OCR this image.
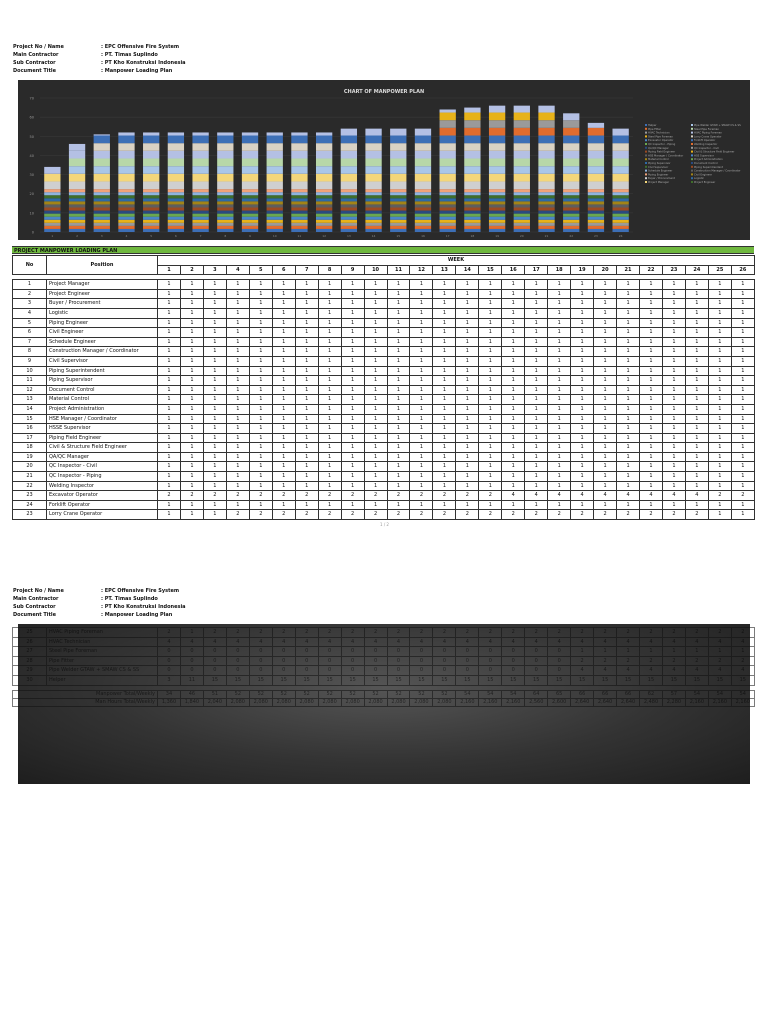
Project No / Name	: EPC Offensive Fire System
Main Contractor	: PT. Timas Suplindo
Sub Contractor	: PT Kho Konstruksi Indonesia
Document Title	: Manpower Loading Plan
CHART OF MANPOWER PLAN
0
10
20
30
40
50
60
70
1	2	3	4	5	6	7	8	9	10	11	12	13	14	15	16	17	18	19	20	21	22	23	24
Helper
Pipe Fitter
HVAC Technician
Steel Pipe Foreman
Excavator Operator
QC Inspector - Piping
QA/QC Manager
Piping Field Engineer
HSE Manager / Coordinator
Material Control
Piping Supervisor
Civil Supervisor
Schedule Engineer
Piping Engineer
Buyer / Procurement
Project Manager
Pipe Welder GTAW + SMAW CS & SS
Steel Pipe Foreman
HVAC Piping Foreman
Lorry Crane Operator
Forklift Operator
Welding Inspector
QC Inspector - Civil
Civil & Structure Field Engineer
HSE Supervisor
Project Administration
Document Control
Piping Superintendent
Construction Manager / Coordinator
Civil Engineer
Logistic
Project Engineer
PROJECT MANPOWER LOADING PLAN
No	Position	WEEK																									
		1	2	3	4	5	6	7	8	9	10	11	12	13	14	15	16	17	18	19	20	21	22	23	24	25	26

1	Project Manager	1	1	1	1	1	1	1	1	1	1	1	1	1	1	1	1	1	1	1	1	1	1	1	1	1	1
2	Project Engineer	1	1	1	1	1	1	1	1	1	1	1	1	1	1	1	1	1	1	1	1	1	1	1	1	1	1
3	Buyer / Procurement	1	1	1	1	1	1	1	1	1	1	1	1	1	1	1	1	1	1	1	1	1	1	1	1	1	1
4	Logistic	1	1	1	1	1	1	1	1	1	1	1	1	1	1	1	1	1	1	1	1	1	1	1	1	1	1
5	Piping Engineer	1	1	1	1	1	1	1	1	1	1	1	1	1	1	1	1	1	1	1	1	1	1	1	1	1	1
6	Civil Engineer	1	1	1	1	1	1	1	1	1	1	1	1	1	1	1	1	1	1	1	1	1	1	1	1	1	1
7	Schedule Engineer	1	1	1	1	1	1	1	1	1	1	1	1	1	1	1	1	1	1	1	1	1	1	1	1	1	1
8	Construction Manager / Coordinator	1	1	1	1	1	1	1	1	1	1	1	1	1	1	1	1	1	1	1	1	1	1	1	1	1	1
9	Civil Supervisor	1	1	1	1	1	1	1	1	1	1	1	1	1	1	1	1	1	1	1	1	1	1	1	1	1	1
10	Piping Superintendent	1	1	1	1	1	1	1	1	1	1	1	1	1	1	1	1	1	1	1	1	1	1	1	1	1	1
11	Piping Supervisor	1	1	1	1	1	1	1	1	1	1	1	1	1	1	1	1	1	1	1	1	1	1	1	1	1	1
12	Document Control	1	1	1	1	1	1	1	1	1	1	1	1	1	1	1	1	1	1	1	1	1	1	1	1	1	1
13	Material Control	1	1	1	1	1	1	1	1	1	1	1	1	1	1	1	1	1	1	1	1	1	1	1	1	1	1
14	Project Administration	1	1	1	1	1	1	1	1	1	1	1	1	1	1	1	1	1	1	1	1	1	1	1	1	1	1
15	HSE Manager / Coordinator	1	1	1	1	1	1	1	1	1	1	1	1	1	1	1	1	1	1	1	1	1	1	1	1	1	1
16	HSSE Supervisor	1	1	1	1	1	1	1	1	1	1	1	1	1	1	1	1	1	1	1	1	1	1	1	1	1	1
17	Piping Field Engineer	1	1	1	1	1	1	1	1	1	1	1	1	1	1	1	1	1	1	1	1	1	1	1	1	1	1
18	Civil & Structure Field Engineer	1	1	1	1	1	1	1	1	1	1	1	1	1	1	1	1	1	1	1	1	1	1	1	1	1	1
19	QA/QC Manager	1	1	1	1	1	1	1	1	1	1	1	1	1	1	1	1	1	1	1	1	1	1	1	1	1	1
20	QC Inspector - Civil	1	1	1	1	1	1	1	1	1	1	1	1	1	1	1	1	1	1	1	1	1	1	1	1	1	1
21	QC Inspector - Piping	1	1	1	1	1	1	1	1	1	1	1	1	1	1	1	1	1	1	1	1	1	1	1	1	1	1
22	Welding Inspector	1	1	1	1	1	1	1	1	1	1	1	1	1	1	1	1	1	1	1	1	1	1	1	1	1	1
23	Excavator Operator	2	2	2	2	2	2	2	2	2	2	2	2	2	2	2	4	4	4	4	4	4	4	4	4	2	2
24	Forklift Operator	1	1	1	1	1	1	1	1	1	1	1	1	1	1	1	1	1	1	1	1	1	1	1	1	1	1
23	Lorry Crane Operator	1	1	1	2	2	2	2	2	2	2	2	2	2	2	2	2	2	2	2	2	2	2	2	2	1	1
1 / 2
Project No / Name	: EPC Offensive Fire System
Main Contractor	: PT. Timas Suplindo
Sub Contractor	: PT Kho Konstruksi Indonesia
Document Title	: Manpower Loading Plan
25	HVAC Piping Foreman	2	1	2	2	2	2	2	2	2	2	2	2	2	2	2	2	2	2	2	2	2	2	2	2	2	2
26	HVAC Technician	4	4	4	4	4	4	4	4	4	4	4	4	4	4	4	4	4	4	4	4	4	4	4	4	4	4
27	Steel Pipe Foreman	0	0	0	0	0	0	0	0	0	0	0	0	0	0	0	0	0	0	1	1	1	1	1	1	1	1
28	Pipe Fitter	0	0	0	0	0	0	0	0	0	0	0	0	0	0	0	0	0	0	2	2	2	2	2	2	2	2
29	Pipe Welder GTAW + SMAW CS & SS	0	0	0	0	0	0	0	0	0	0	0	0	0	0	0	0	0	0	4	4	4	4	4	4	4	4
30	Helper	3	11	15	15	15	15	15	15	15	15	15	15	15	15	15	15	15	15	15	15	15	15	15	15	15	15

Manpower Total/Weekly		34	46	51	52	52	52	52	52	52	52	52	52	52	54	54	54	64	65	66	66	66	62	57	54	54	54
Man Hours Total/Weekly		1,360	1,840	2,040	2,080	2,080	2,080	2,080	2,080	2,080	2,080	2,080	2,080	2,080	2,160	2,160	2,160	2,560	2,600	2,640	2,640	2,640	2,480	2,280	2,160	2,160	2,160
